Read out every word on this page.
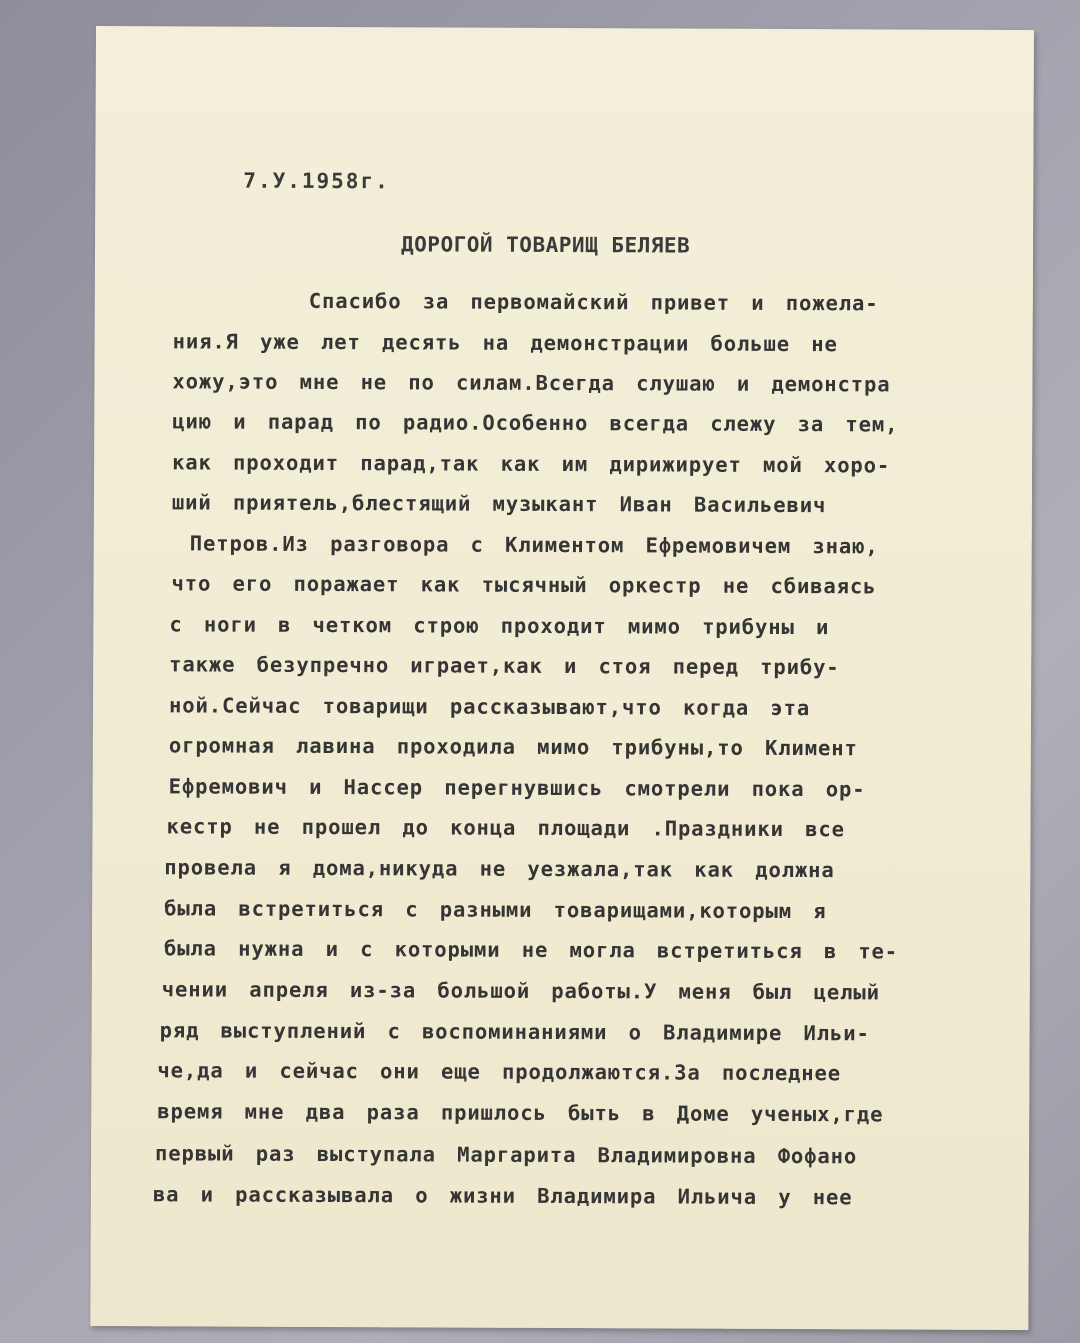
7.У.1958г.
ДОРОГОЙ ТОВАРИЩ БЕЛЯЕВ
Спасибо за первомайский привет и пожела-
ния.Я уже лет десять на демонстрации больше не
хожу,это мне не по силам.Всегда слушаю и демонстра
цию и парад по радио.Особенно всегда слежу за тем,
как проходит парад,так как им дирижирует мой хоро-
ший приятель,блестящий музыкант Иван Васильевич
Петров.Из разговора с Климентом Ефремовичем знаю,
что его поражает как тысячный оркестр не сбиваясь
с ноги в четком строю проходит мимо трибуны и
также безупречно играет,как и стоя перед трибу-
ной.Сейчас товарищи рассказывают,что когда эта
огромная лавина проходила мимо трибуны,то Климент
Ефремович и Нассер перегнувшись смотрели пока ор-
кестр не прошел до конца площади .Праздники все
провела я дома,никуда не уезжала,так как должна
была встретиться с разными товарищами,которым я
была нужна и с которыми не могла встретиться в те-
чении апреля из-за большой работы.У меня был целый
ряд выступлений с воспоминаниями о Владимире Ильи-
че,да и сейчас они еще продолжаются.За последнее
время мне два раза пришлось быть в Доме ученых,где
первый раз выступала Маргарита Владимировна Фофано
ва и рассказывала о жизни Владимира Ильича у нее
